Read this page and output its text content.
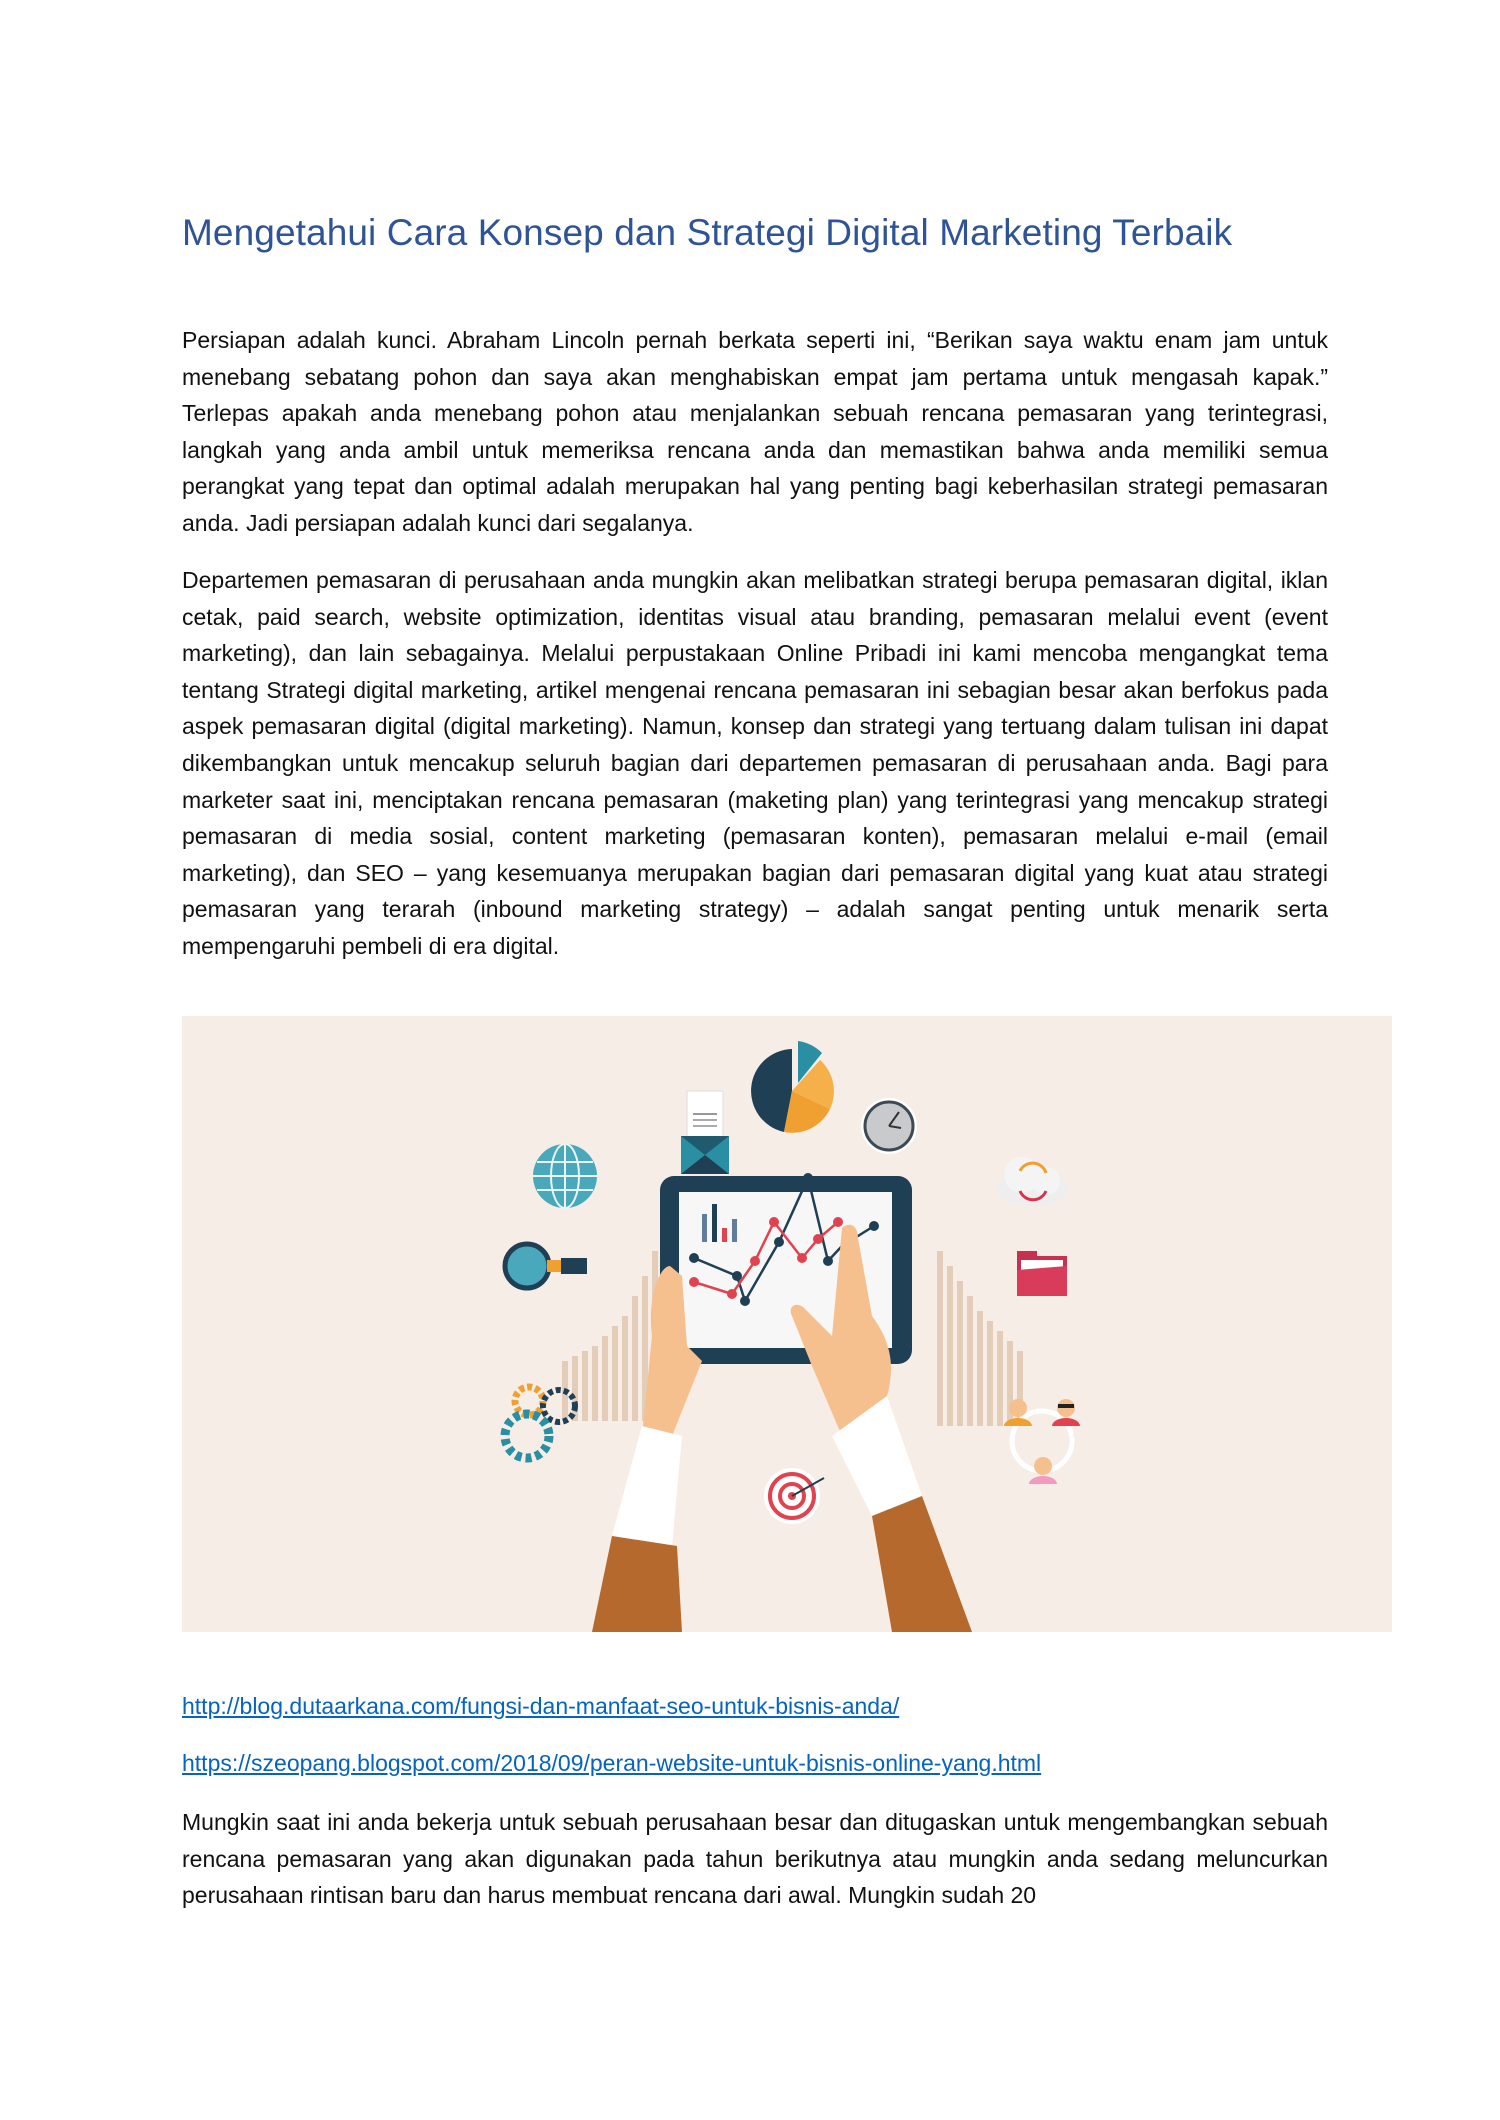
Mengetahui Cara Konsep dan Strategi Digital Marketing Terbaik

Persiapan adalah kunci. Abraham Lincoln pernah berkata seperti ini, “Berikan saya waktu enam jam untuk menebang sebatang pohon dan saya akan menghabiskan empat jam pertama untuk mengasah kapak.” Terlepas apakah anda menebang pohon atau menjalankan sebuah rencana pemasaran yang terintegrasi, langkah yang anda ambil untuk memeriksa rencana anda dan memastikan bahwa anda memiliki semua perangkat yang tepat dan optimal adalah merupakan hal yang penting bagi keberhasilan strategi pemasaran anda. Jadi persiapan adalah kunci dari segalanya.

Departemen pemasaran di perusahaan anda mungkin akan melibatkan strategi berupa pemasaran digital, iklan cetak, paid search, website optimization, identitas visual atau branding, pemasaran melalui event (event marketing), dan lain sebagainya. Melalui perpustakaan Online Pribadi ini kami mencoba mengangkat tema tentang Strategi digital marketing, artikel mengenai rencana pemasaran ini sebagian besar akan berfokus pada aspek pemasaran digital (digital marketing). Namun, konsep dan strategi yang tertuang dalam tulisan ini dapat dikembangkan untuk mencakup seluruh bagian dari departemen pemasaran di perusahaan anda. Bagi para marketer saat ini, menciptakan rencana pemasaran (maketing plan) yang terintegrasi yang mencakup strategi pemasaran di media sosial, content marketing (pemasaran konten), pemasaran melalui e-mail (email marketing), dan SEO – yang kesemuanya merupakan bagian dari pemasaran digital yang kuat atau strategi pemasaran yang terarah (inbound marketing strategy) – adalah sangat penting untuk menarik serta mempengaruhi pembeli di era digital.

http://blog.dutaarkana.com/fungsi-dan-manfaat-seo-untuk-bisnis-anda/
https://szeopang.blogspot.com/2018/09/peran-website-untuk-bisnis-online-yang.html

Mungkin saat ini anda bekerja untuk sebuah perusahaan besar dan ditugaskan untuk mengembangkan sebuah rencana pemasaran yang akan digunakan pada tahun berikutnya atau mungkin anda sedang meluncurkan perusahaan rintisan baru dan harus membuat rencana dari awal. Mungkin sudah 20
